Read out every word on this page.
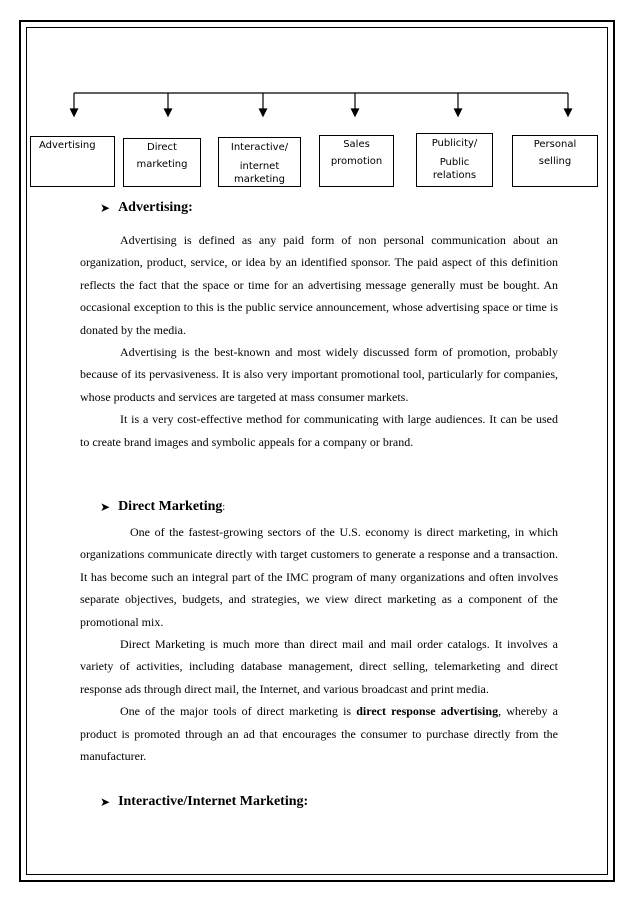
Advertising	Direct
marketing
Interactive/
internet
marketing
Sales
promotion
Publicity/
Public
relations
Personal
selling
➤ Advertising:

Advertising is defined as any paid form of non personal communication about an organization, product, service, or idea by an identified sponsor. The paid aspect of this definition reflects the fact that the space or time for an advertising message generally must be bought. An occasional exception to this is the public service announcement, whose advertising space or time is donated by the media.

Advertising is the best-known and most widely discussed form of promotion, probably because of its pervasiveness. It is also very important promotional tool, particularly for companies, whose products and services are targeted at mass consumer markets.

It is a very cost-effective method for communicating with large audiences. It can be used to create brand images and symbolic appeals for a company or brand.

➤ Direct Marketing :

One of the fastest-growing sectors of the U.S. economy is direct marketing, in which organizations communicate directly with target customers to generate a response and a transaction. It has become such an integral part of the IMC program of many organizations and often involves separate objectives, budgets, and strategies, we view direct marketing as a component of the promotional mix.

Direct Marketing is much more than direct mail and mail order catalogs. It involves a variety of activities, including database management, direct selling, telemarketing and direct response ads through direct mail, the Internet, and various broadcast and print media.

One of the major tools of direct marketing is direct response advertising, whereby a product is promoted through an ad that encourages the consumer to purchase directly from the manufacturer.

➤ Interactive/Internet Marketing:
